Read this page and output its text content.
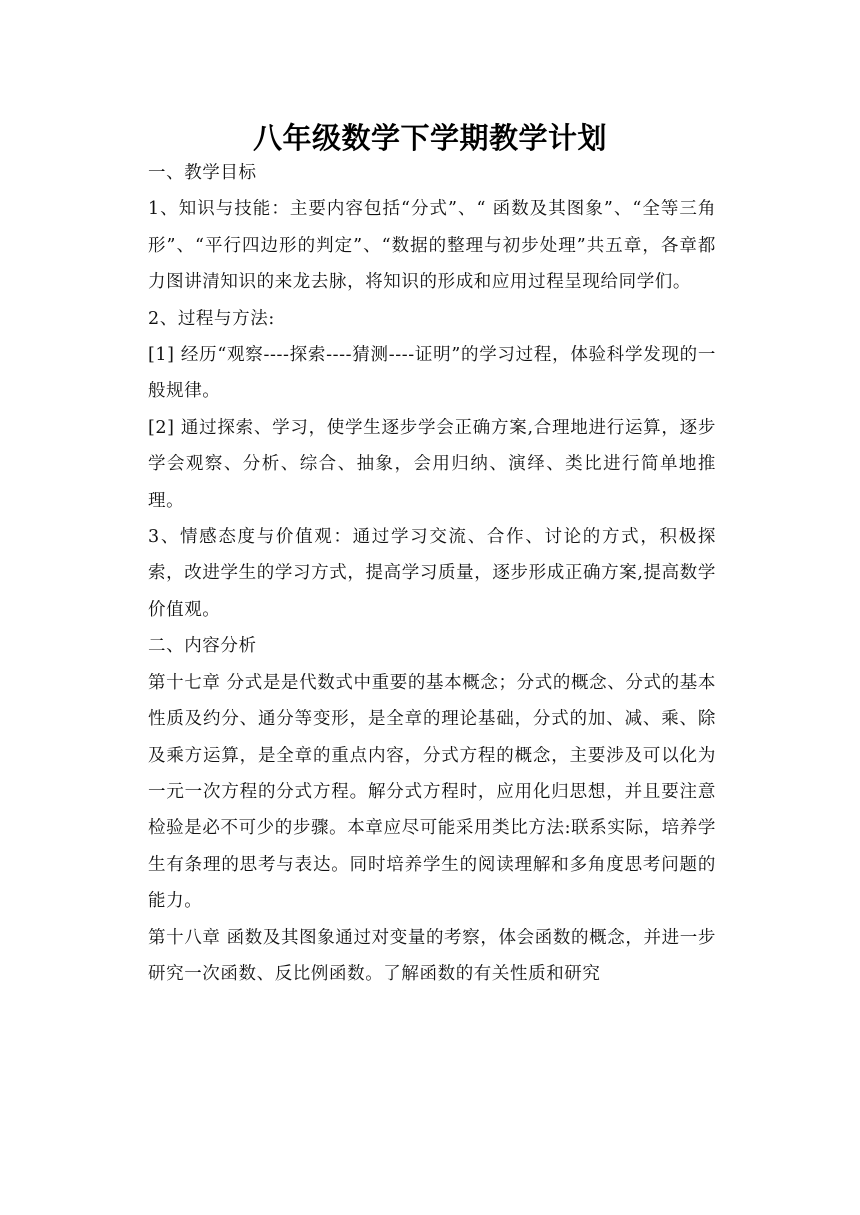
八年级数学下学期教学计划

一、教学目标

1、知识与技能：主要内容包括“分式”、“ 函数及其图象”、“全等三角形”、“平行四边形的判定”、“数据的整理与初步处理”共五章，各章都力图讲清知识的来龙去脉，将知识的形成和应用过程呈现给同学们。

2、过程与方法:

[1] 经历“观察----探索----猜测----证明”的学习过程，体验科学发现的一般规律。

[2] 通过探索、学习，使学生逐步学会正确方案,合理地进行运算，逐步学会观察、分析、综合、抽象，会用归纳、演绎、类比进行简单地推理。

3、情感态度与价值观：通过学习交流、合作、讨论的方式，积极探索，改进学生的学习方式，提高学习质量，逐步形成正确方案,提高数学价值观。

二、内容分析

第十七章 分式是是代数式中重要的基本概念；分式的概念、分式的基本性质及约分、通分等变形，是全章的理论基础，分式的加、减、乘、除及乘方运算，是全章的重点内容，分式方程的概念，主要涉及可以化为一元一次方程的分式方程。解分式方程时，应用化归思想，并且要注意检验是必不可少的步骤。本章应尽可能采用类比方法:联系实际，培养学生有条理的思考与表达。同时培养学生的阅读理解和多角度思考问题的能力。

第十八章 函数及其图象通过对变量的考察，体会函数的概念，并进一步研究一次函数、反比例函数。了解函数的有关性质和研究
